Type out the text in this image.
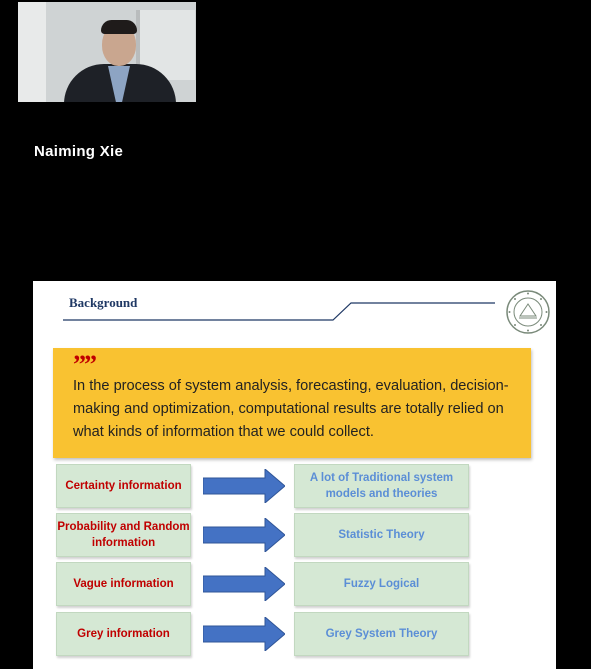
Naiming Xie
Background
””
In the process of system analysis, forecasting, evaluation, decision-making and optimization, computational results are totally relied on what kinds of information that we could collect.
Certainty information
A lot of Traditional system models and theories
Probability and Random information
Statistic Theory
Vague information	Fuzzy Logical
Grey information	Grey System Theory
